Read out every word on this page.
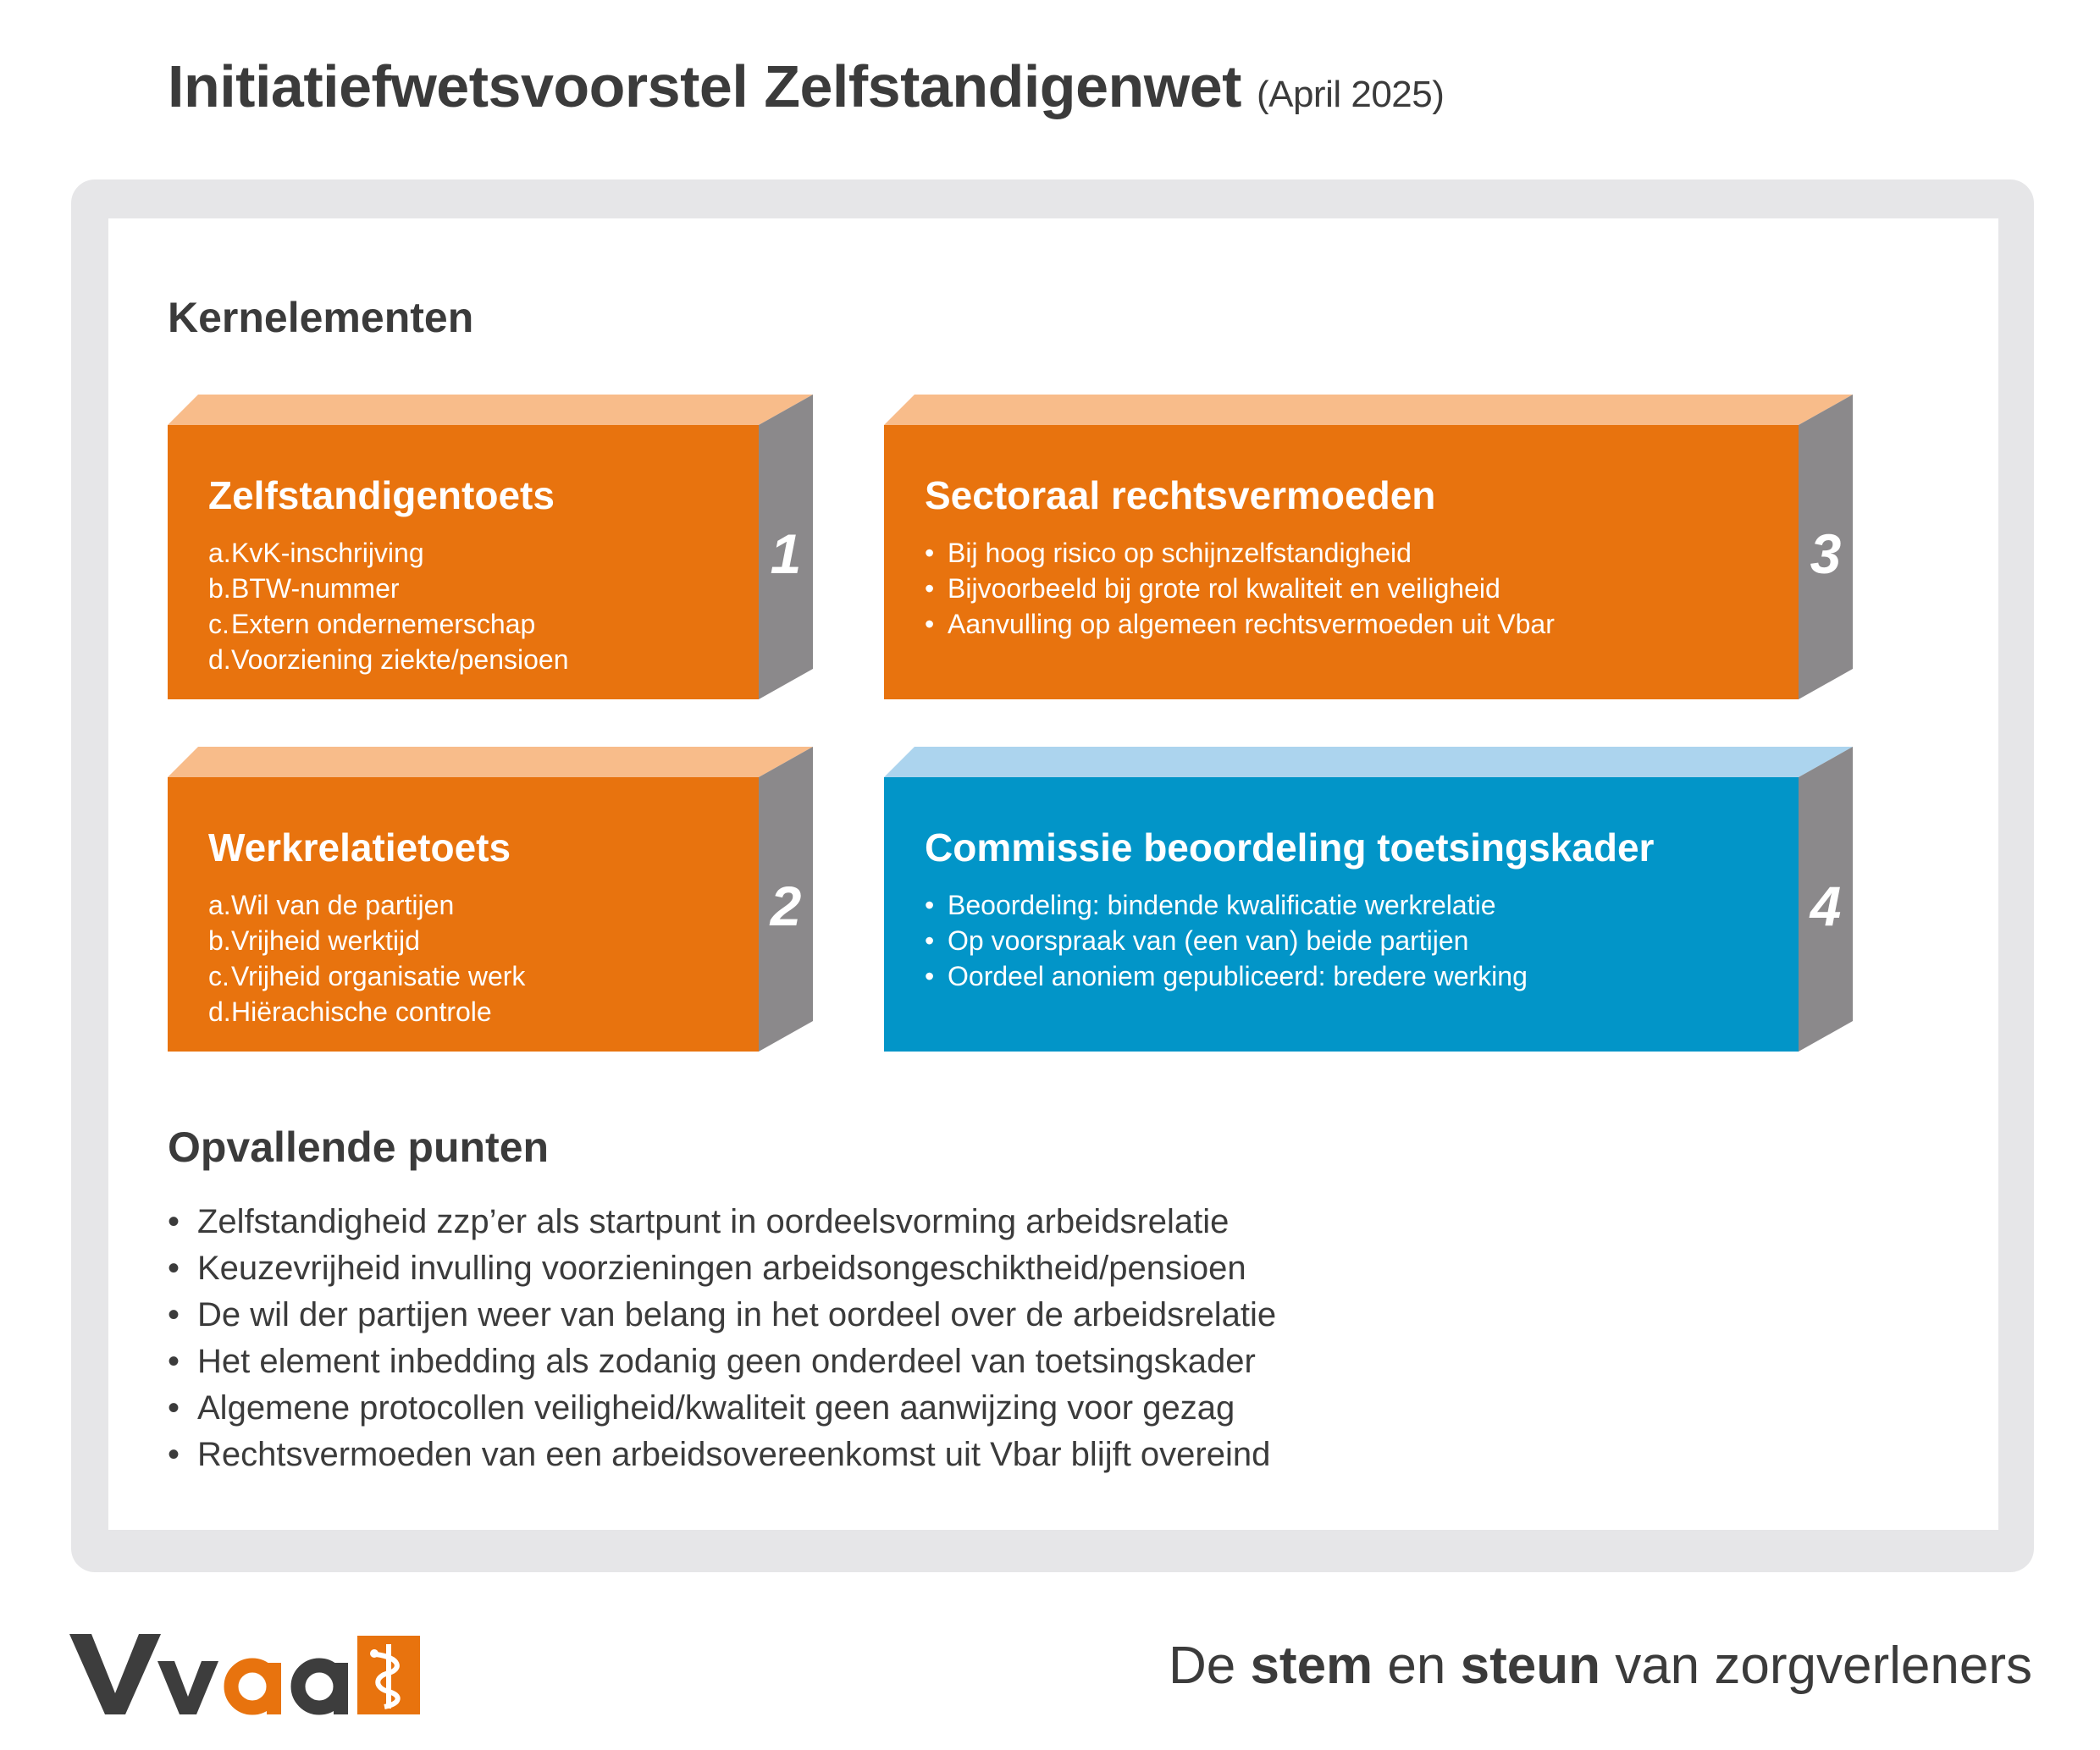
Initiatiefwetsvoorstel Zelfstandigenwet (April 2025)
Kernelementen
Zelfstandigentoets
a.KvK-inschrijving
b.BTW-nummer
c.Extern ondernemerschap
d.Voorziening ziekte/pensioen
1
Sectoraal rechtsvermoeden
• Bij hoog risico op schijnzelfstandigheid
• Bijvoorbeeld bij grote rol kwaliteit en veiligheid
• Aanvulling op algemeen rechtsvermoeden uit Vbar
3
Werkrelatietoets
a.Wil van de partijen
b.Vrijheid werktijd
c.Vrijheid organisatie werk
d.Hiërachische controle
2
Commissie beoordeling toetsingskader
• Beoordeling: bindende kwalificatie werkrelatie
• Op voorspraak van (een van) beide partijen
• Oordeel anoniem gepubliceerd: bredere werking
4
Opvallende punten
• Zelfstandigheid zzp’er als startpunt in oordeelsvorming arbeidsrelatie
• Keuzevrijheid invulling voorzieningen arbeidsongeschiktheid/pensioen
• De wil der partijen weer van belang in het oordeel over de arbeidsrelatie
• Het element inbedding als zodanig geen onderdeel van toetsingskader
• Algemene protocollen veiligheid/kwaliteit geen aanwijzing voor gezag
• Rechtsvermoeden van een arbeidsovereenkomst uit Vbar blijft overeind

De stem en steun van zorgverleners
